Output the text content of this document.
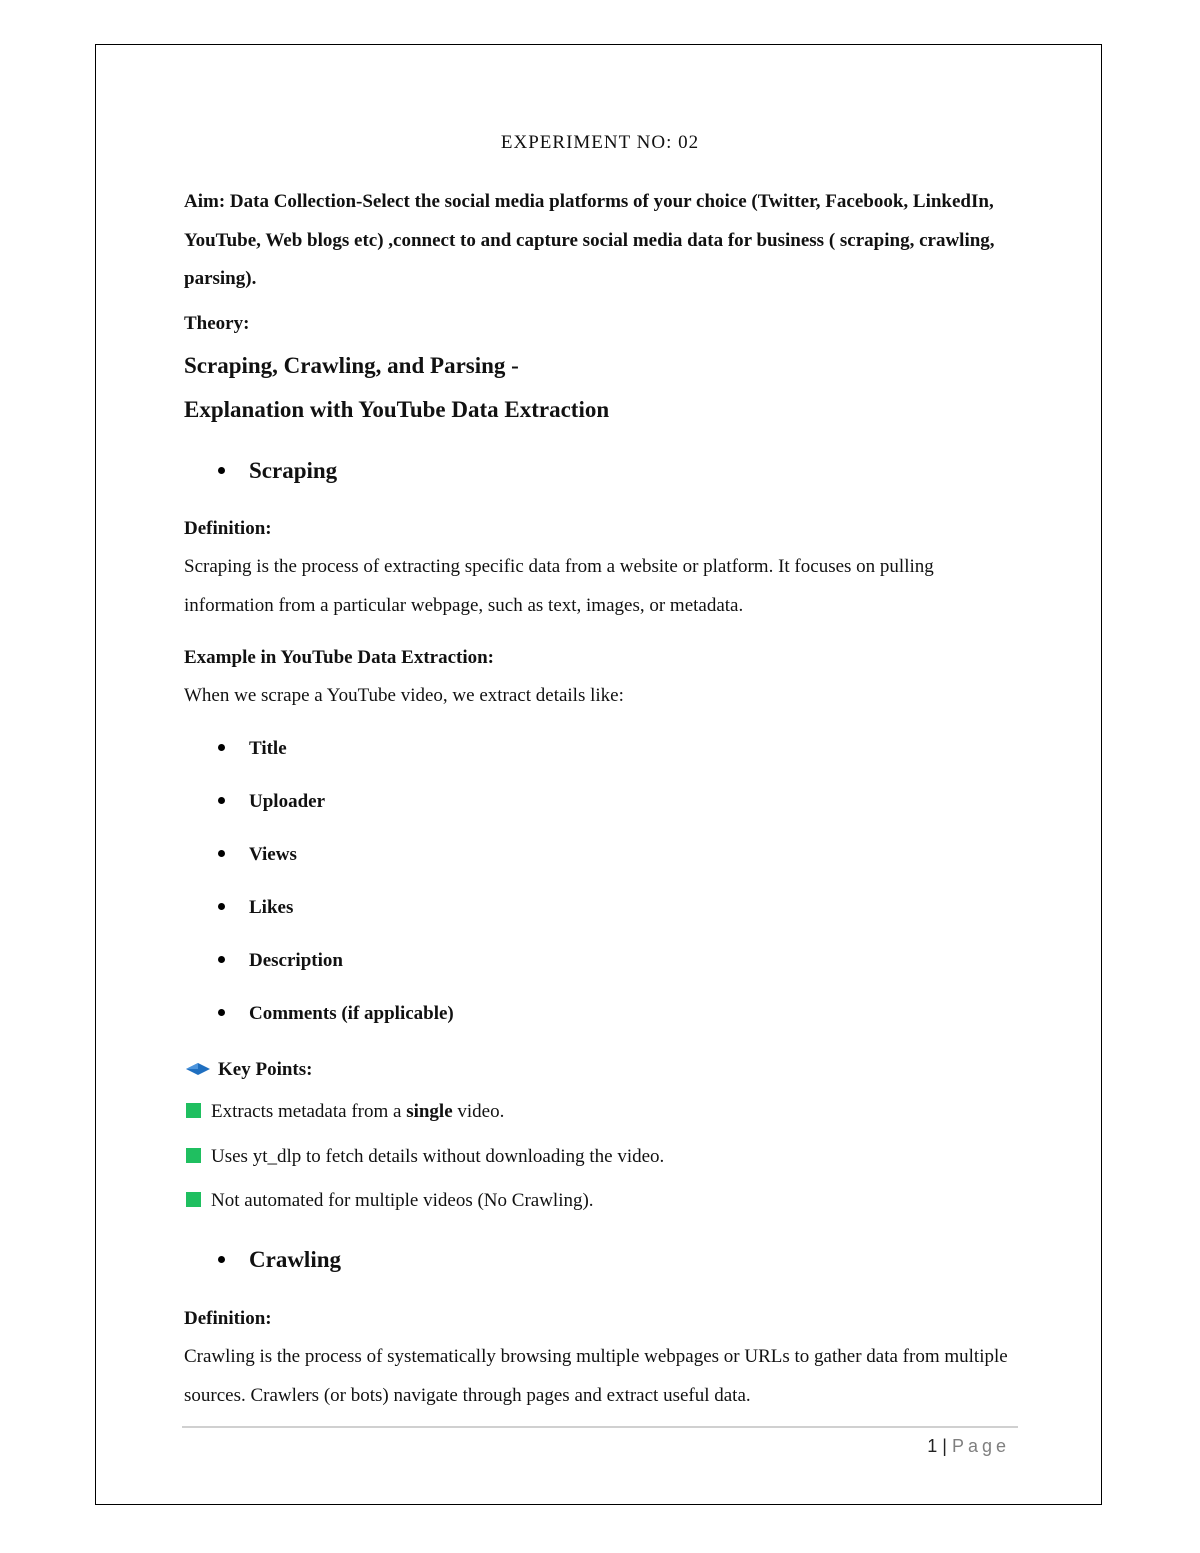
EXPERIMENT NO: 02
Aim: Data Collection-Select the social media platforms of your choice (Twitter, Facebook, LinkedIn, YouTube, Web blogs etc) ,connect to and capture social media data for business ( scraping, crawling, parsing).
Theory:
Scraping, Crawling, and Parsing -
Explanation with YouTube Data Extraction
Scraping
Definition:
Scraping is the process of extracting specific data from a website or platform. It focuses on pulling information from a particular webpage, such as text, images, or metadata.
Example in YouTube Data Extraction:
When we scrape a YouTube video, we extract details like:
Title
Uploader
Views
Likes
Description
Comments (if applicable)
Key Points:
Extracts metadata from a single video.
Uses yt_dlp to fetch details without downloading the video.
Not automated for multiple videos (No Crawling).
Crawling
Definition:
Crawling is the process of systematically browsing multiple webpages or URLs to gather data from multiple sources. Crawlers (or bots) navigate through pages and extract useful data.
1 | Page
